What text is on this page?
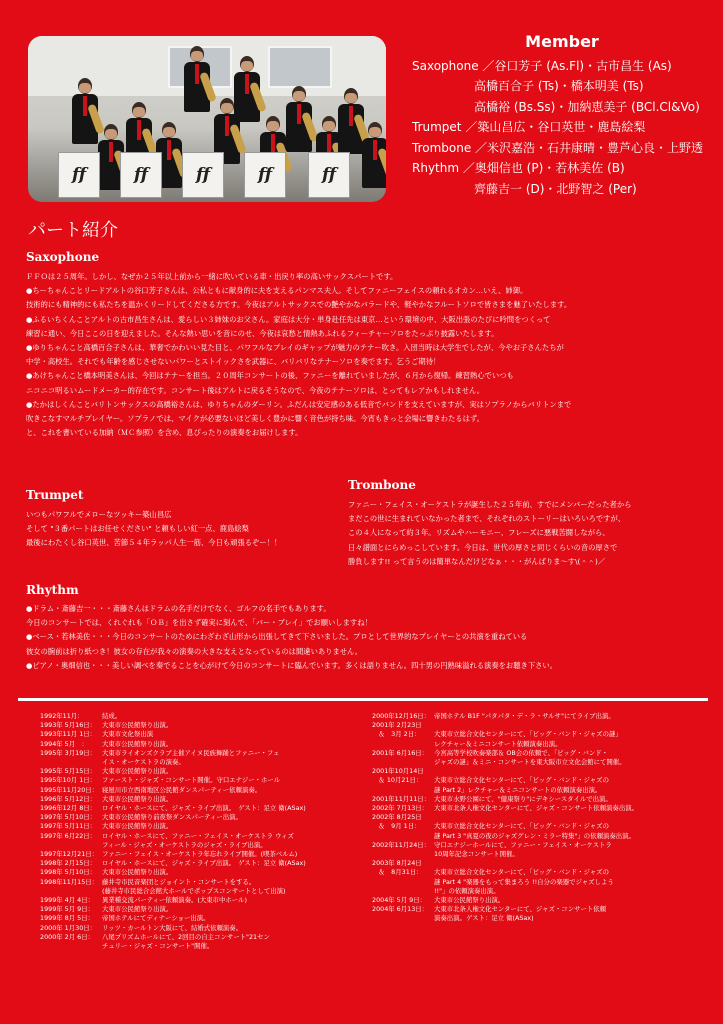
ff	ff	ff	ff	ff
Member
Saxophone ／谷口芳子 (As.Fl)・古市昌生 (As)
高橋百合子 (Ts)・橋本明美 (Ts)
高橋裕 (Bs.Ss)・加納恵美子 (BCl.Cl&Vo)
Trumpet ／築山昌広・谷口英世・鹿島絵梨
Trombone ／米沢嘉浩・石井康晴・豊芦心良・上野透
Rhythm ／奥畑信也 (P)・若林美佐 (B)
齊藤吉一 (D)・北野智之 (Per)
パート紹介
Saxophone
ＦＦＯは２５周年。しかし、なぜか２５年以上前から一緒に吹いている車・出戻り率の高いサックスパートです。
●ちーちゃんことリードアルトの谷口芳子さんは、公私ともに献身的に夫を支えるパンマス夫人。そしてファニーフェイスの頼れるオカン…いえ、姉御。
技術的にも精神的にも私たちを温かくリードしてくださる方です。今夜はアルトサックスでの艶やかなバラードや、軽やかなフルートソロで皆さまを魅了いたします。
●ふるいちくんことアルトの古市昌生さんは、愛らしい３姉妹のお父さん。家庭は大分・単身赴任先は東京…という環境の中、大阪出張のたびに吟問をつくって
練習に通い、今日ここの日を迎えました。そんな熱い思いを音にのせ、今夜は哀愁と情熱あふれるフィーチャーソロをたっぷり披露いたします。
●ゆりちゃんこと高橋百合子さんは、華奢でかわいい見た目と、パワフルなプレイのギャップが魅力のテナー吹き。入団当時は大学生でしたが、今やお子さんたちが
中学・高校生。それでも年齢を感じさせないパワーとストイックさを武器に、バリバリなテナーソロを奏でます。乞うご期待！
●あけちゃんこと橋本明美さんは、今回はテナーを担当。２０周年コンサートの後、ファニーを離れていましたが、６月から復帰。練習熱心でいつも
ニコニコ明るいムードメーカー的存在です。コンサート後はアルトに戻るそうなので、今夜のテナーソロは、とってもレアかもしれません。
●たかはしくんことバリトンサックスの高橋裕さんは、ゆりちゃんのダーリン。ふだんは安定感のある低音でバンドを支えていますが、実はソプラノからバリトンまで
吹きこなすマルチプレイヤー。ソプラノでは、マイクが必要ないほど美しく豊かに響く音色が持ち味。今宵もきっと会場に響きわたるはず。
と、これを書いている加納（ＭＣ参照）を含め、息ぴったりの演奏をお届けします。
Trumpet
いつもパワフルでメローなツッキー築山昌広
そして "３番パートはお任せください" と頼もしい紅一点、鹿島絵梨
最後にわたくし谷口英世、苦節５４年ラッパ人生一筋、今日も頑張るぞー！！
Trombone
ファニー・フェイス・オーケストラが誕生した２５年前、すでにメンバーだった者から
まだこの世に生まれていなかった者まで、それぞれのストーリーはいろいろですが、
この４人になって約３年。リズムやハーモニー、フレーズに悪戦苦闘しながら、
日々譜面とにらめっこしています。今日は、世代の厚さと同じくらいの音の厚さで
勝負します!! って言うのは簡単なんだけどなぁ・・・がんばりま～す\(＾＾)／
Rhythm
●ドラム・斎藤吉一・・・斎藤さんはドラムの名手だけでなく、ゴルフの名手でもあります。
今日のコンサートでは、くれぐれも「ＯＢ」を出さず確実に刻んで、「バー・ブレイ」でお願いしますね！
●ベース・若林美佐・・・今日のコンサートのためにわざわざ山形から出張してきて下さいました。プロとして世界的なプレイヤーとの共演を重ねている
彼女の腕前は折り紙つき！彼女の存在が我々の演奏の大きな支えとなっているのは間違いありません。
●ピアノ・奥畑信也・・・美しい調べを奏でることを心がけて今日のコンサートに臨んでいます。多くは語りません。四十男の円熟味溢れる演奏をお聴き下さい。
1992年11月：	結成。
1993年 5月16日： 大東市公民館祭り出演。
1993年11月 1日： 大東市文化祭出演
1994年 5月　：	大東市公民館祭り出演。
1995年 3月19日： 大東市ライオンズクラブ主催アイヌ民族舞踊とファニー・フェ
イス・オーケストラの演奏。
1995年 5月15日： 大東市公民館祭り出演。
1995年10月 1日： ファースト・ジャズ・コンサート開催。守口エナジー・ホール
1995年11月20日： 寝屋川市立西南地区公民館ダンスパーティー依頼演奏。
1996年 5月12日： 大東市公民館祭り出演。
1996年12月 8日： ロイヤル・ホースにて、ジャズ・ライブ出演。　ゲスト：足立 衛(ASax)
1997年 5月10日： 大東市公民館祭り前夜祭ダンスパーティー出演。
1997年 5月11日： 大東市公民館祭り出演。
1997年 6月22日： ロイヤル・ホースにて、ファニー・フェイス・オーケストラ ウィズ
フィール・ジャズ・オーケストラのジャズ・ライブ出演。
1997年12月21日： ファニー・フェイス・オーケストラ年忘れライブ開催。(喫茶ベルム)
1998年 2月15日： ロイヤル・ホースにて、ジャズ・ライブ出演。　ゲスト：足立 衛(ASax)
1998年 5月10日： 大東市公民館祭り出演。
1998年11月15日： 藤井寺市民音楽団とジョイント・コンサートをする。
(藤井寺市民総合会館大ホールでポップスコンサートとして出演)
1999年 4月 4日：	異業種交流パーティー依頼演奏。(大東市中ホール)
1999年 5月 9日：	大東市公民館祭り出演。
1999年 8月 5日：	帝国ホテルにてディナーショー出演。
2000年 1月30日： リッツ・カールトン大阪にて、結婚式依頼演奏。
2000年 2月 6日：	八尾プリズムホールにて、2回目の自主コンサート"21セン
チュリー・ジャズ・コンサート"開催。
2000年12月16日： 帝国ホテル B1F "パタパタ・デ・ラ・サルサ"にてライブ出演。
2001年 2月23日
　＆　3月 2日：	大東市立総合文化センターにて、「ビッグ・バンド・ジャズの謎」
レクチャー＆ミニコンサート依頼演奏出演。
2001年 6月16日： 今宮高等学校吹奏楽部＆ OB会の依頼で、「ビッグ・バンド・
ジャズの謎」＆ミニ・コンサートを東大阪市立文化会館にて開催。
2001年10月14日
　＆ 10月21日：	大東市立総合文化センターにて、「ビッグ・バンド・ジャズの
謎 Part 2」レクチャー＆ミニコンサートの依頼演奏出演。
2001年11月11日： 大東市水野公園にて、"健康祭り"にデキシースタイルで出演。
2002年 7月13日： 大東市北条人権文化センターにて、ジャズ・コンサート依頼演奏出演。
2002年 8月25日
　＆　9月 1日：	大東市立総合文化センターにて、「ビッグ・バンド・ジャズの
謎 Part 3 "真夏の夜のジャズグレン・ミラー特集"」の依頼演奏出演。
2002年11月24日： 守口エナジーホールにて、ファニー・フェイス・オーケストラ
10周年記念コンサート開催。
2003年 8月24日
　＆　8月31日：	大東市立総合文化センターにて、「ビッグ・バンド・ジャズの
謎 Part 4 "楽器をもって集まろう !!自分の楽器でジャズしよう
!!"」の依頼演奏出演。
2004年 5月 9日：	大東市公民館祭り出演。
2004年 6月13日： 大東市北条人権文化センターにて、ジャズ・コンサート依頼
演奏出演。ゲスト：足立 衛(ASax)
